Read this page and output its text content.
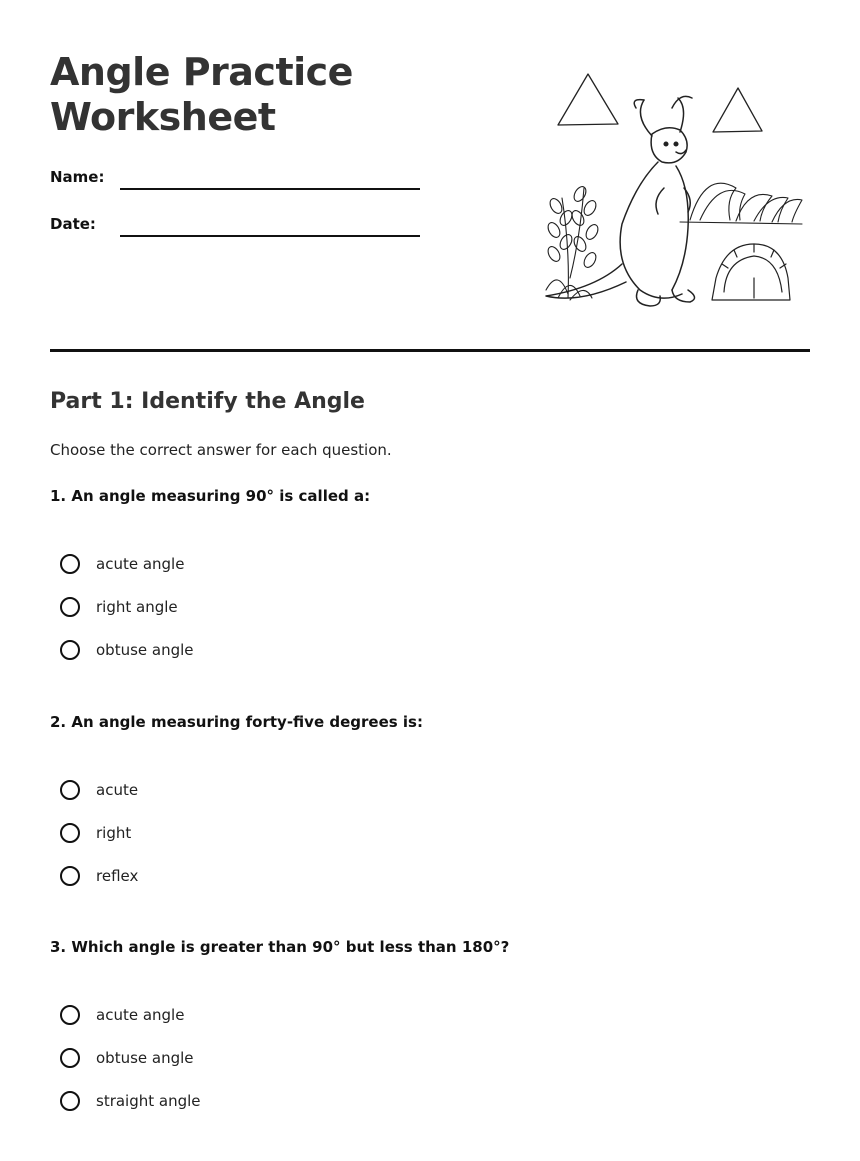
Angle Practice
Worksheet
Name:
Date:
Part 1: Identify the Angle

Choose the correct answer for each question.

1. An angle measuring 90° is called a:

acute angle
right angle
obtuse angle

2. An angle measuring forty-five degrees is:

acute
right
reflex

3. Which angle is greater than 90° but less than 180°?

acute angle
obtuse angle
straight angle
